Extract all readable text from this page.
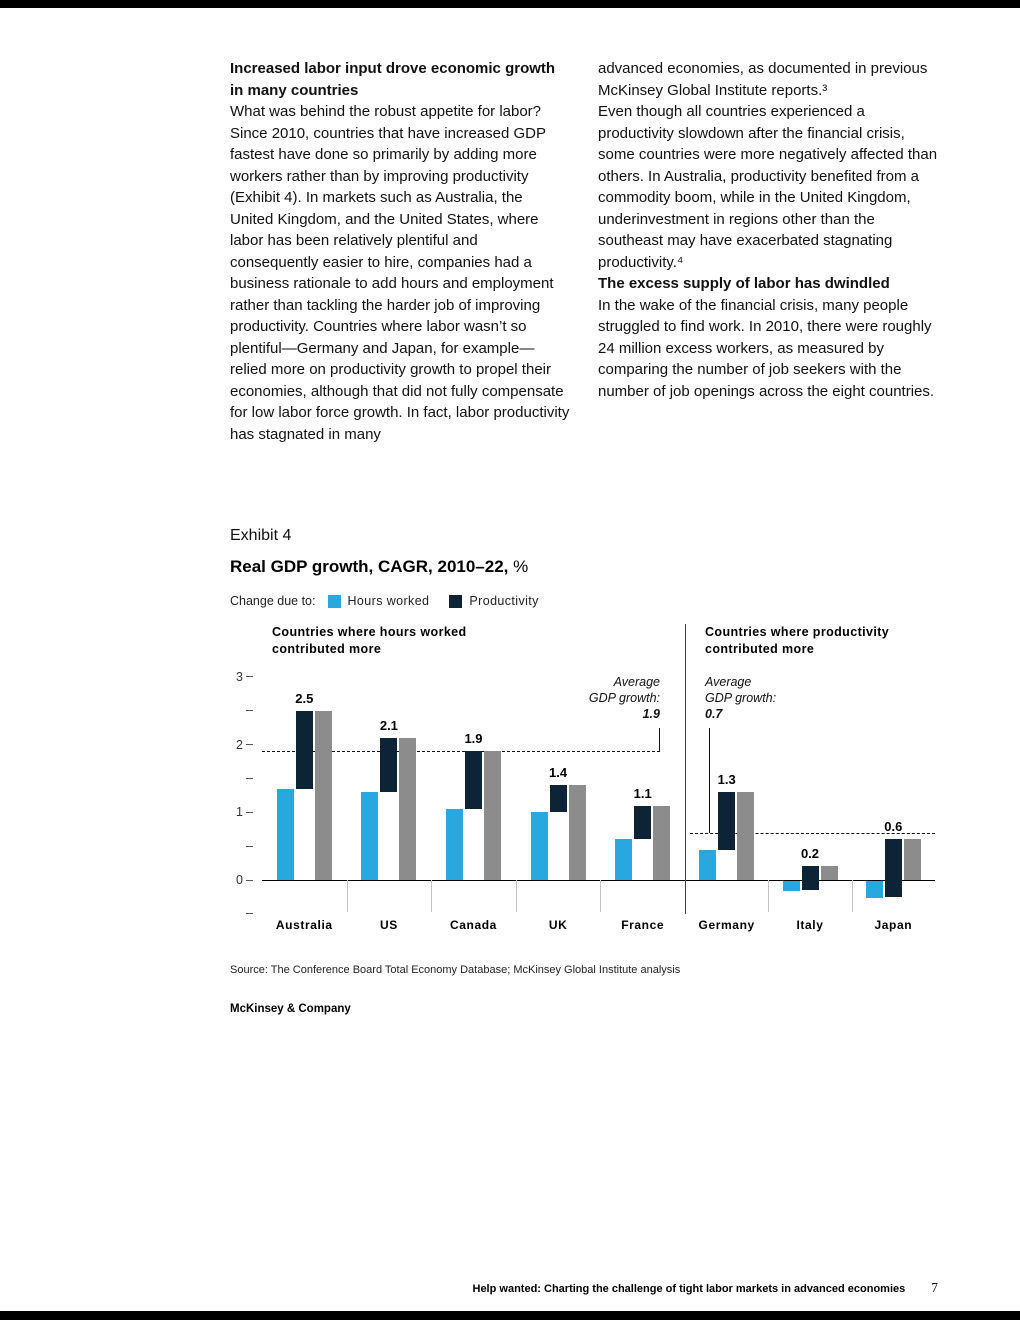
Increased labor input drove economic growth in many countries

What was behind the robust appetite for labor?

Since 2010, countries that have increased GDP fastest have done so primarily by adding more workers rather than by improving productivity (Exhibit 4). In markets such as Australia, the United Kingdom, and the United States, where labor has been relatively plentiful and consequently easier to hire, companies had a business rationale to add hours and employment rather than tackling the harder job of improving productivity. Countries where labor wasn’t so plentiful—Germany and Japan, for example—relied more on productivity growth to propel their economies, although that did not fully compensate for low labor force growth. In fact, labor productivity has stagnated in many

advanced economies, as documented in previous McKinsey Global Institute reports.³

Even though all countries experienced a productivity slowdown after the financial crisis, some countries were more negatively affected than others. In Australia, productivity benefited from a commodity boom, while in the United Kingdom, underinvestment in regions other than the southeast may have exacerbated stagnating productivity.⁴

The excess supply of labor has dwindled

In the wake of the financial crisis, many people struggled to find work. In 2010, there were roughly 24 million excess workers, as measured by comparing the number of job seekers with the number of job openings across the eight countries.

Exhibit 4
Real GDP growth, CAGR, 2010–22, %
Change due to:	Hours worked	Productivity
0
1
2
3
Countries where hours worked
contributed more
Average
GDP growth:
1.9
2.5
Australia
2.1
US
1.9
Canada
1.4
UK
1.1
France
Countries where productivity
contributed more
Average
GDP growth:
0.7
1.3
Germany
0.2
Italy
0.6
Japan
Source: The Conference Board Total Economy Database; McKinsey Global Institute analysis
McKinsey & Company
Help wanted: Charting the challenge of tight labor markets in advanced economies 7
